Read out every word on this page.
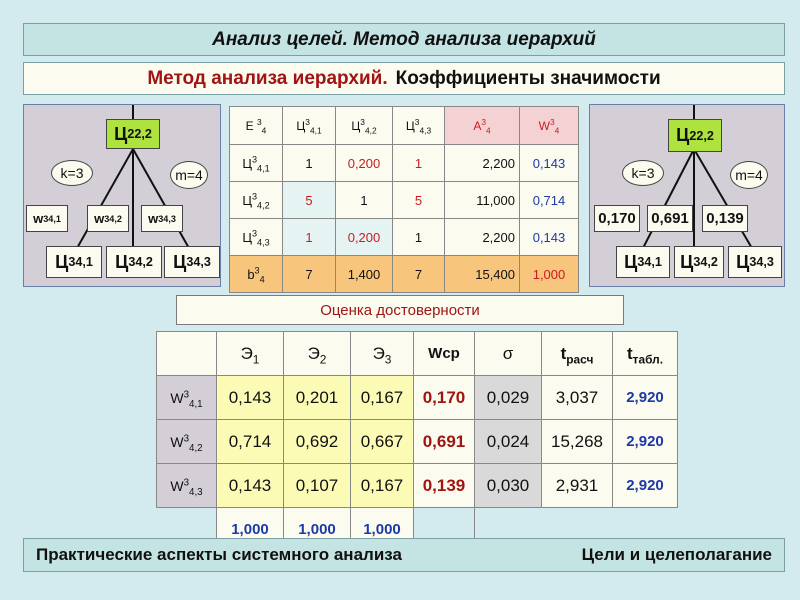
Анализ целей. Метод анализа иерархий
Метод анализа иерархий. Коэффициенты значимости
Ц 2 2,2
k=3	m=4
w 3 4,1	w 3 4,2 w 3 4,3
Ц 3 4,1 Ц 3 4,2 Ц 3 4,3
E $^3_4$	$Ц^3_{4,1}$	$Ц^3_{4,2}$	$Ц^3_{4,3}$	$A^3_4$	$W^3_4$
$Ц^3_{4,1}$	1	0,200	1	2,200	0,143
$Ц^3_{4,2}$	5	1	5	11,000	0,714
$Ц^3_{4,3}$	1	0,200	1	2,200	0,143
$b^3_4$	7	1,400	7	15,400	1,000
Ц 2 2,2
k=3	m=4
0,170 0,691 0,139
Ц 3 4,1 Ц 3 4,2 Ц 3 4,3
Оценка достоверности
	$Э_1$	$Э_2$	$Э_3$	Wcp	σ	$t_{расч}$	$t_{табл.}$
$W^3_{4,1}$	0,143	0,201	0,167	0,170	0,029	3,037	2,920
$W^3_{4,2}$	0,714	0,692	0,667	0,691	0,024	15,268	2,920
$W^3_{4,3}$	0,143	0,107	0,167	0,139	0,030	2,931	2,920
	1,000	1,000	1,000				
Практические аспекты системного анализа	Цели и целеполагание
